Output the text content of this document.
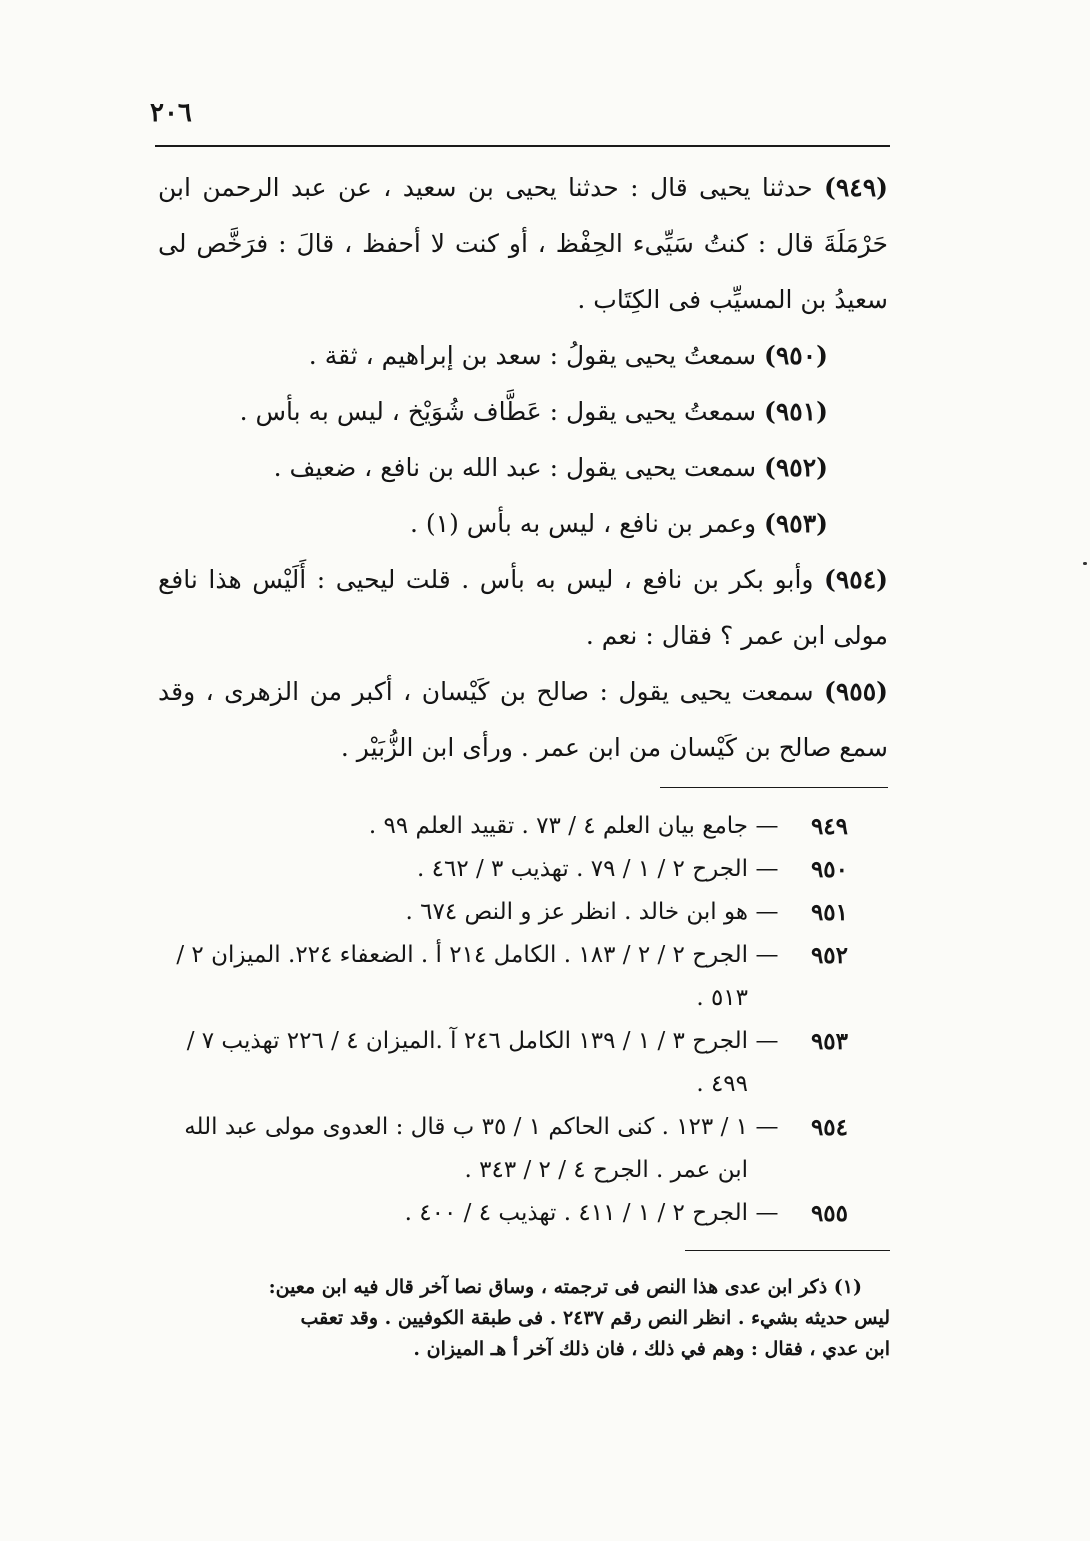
٢٠٦

(٩٤٩) حدثنا يحيى قال : حدثنا يحيى بن سعيد ، عن عبد الرحمن ابن حَرْمَلَةَ قال : كنتُ سَيِّىء الحِفْظ ، أو كنت لا أحفظ ، قالَ : فرَخَّص لى سعيدُ بن المسيِّب فى الكِتَاب .

(٩٥٠) سمعتُ يحيى يقولُ : سعد بن إبراهيم ، ثقة .

(٩٥١) سمعتُ يحيى يقول : عَطَّاف شُوَيْخ ، ليس به بأس .

(٩٥٢) سمعت يحيى يقول : عبد الله بن نافع ، ضعيف .

(٩٥٣) وعمر بن نافع ، ليس به بأس (١) .

(٩٥٤) وأبو بكر بن نافع ، ليس به بأس . قلت ليحيى : أَلَيْس هذا نافع مولى ابن عمر ؟ فقال : نعم .

(٩٥٥) سمعت يحيى يقول : صالح بن كَيْسان ، أكبر من الزهرى ، وقد سمع صالح بن كَيْسان من ابن عمر . ورأى ابن الزُّبَيْر .

٩٤٩
—
جامع بيان العلم ٤ / ٧٣ . تقييد العلم ٩٩ .
٩٥٠
—
الجرح ٢ / ١ / ٧٩ . تهذيب ٣ / ٤٦٢ .
٩٥١
—
هو ابن خالد . انظر عز و النص ٦٧٤ .
٩٥٢
—
الجرح ٢ / ٢ / ١٨٣ . الكامل ٢١٤ أ . الضعفاء ٢٢٤. الميزان ٢ / ٥١٣ .
٩٥٣
—
الجرح ٣ / ١ / ١٣٩ الكامل ٢٤٦ آ .الميزان ٤ / ٢٢٦ تهذيب ٧ / ٤٩٩ .
٩٥٤
—
١ / ١٢٣ . كنى الحاكم ١ / ٣٥ ب قال : العدوى مولى عبد الله ابن عمر . الجرح ٤ / ٢ / ٣٤٣ .
٩٥٥
—
الجرح ٢ / ١ / ٤١١ . تهذيب ٤ / ٤٠٠ .
(١) ذكر ابن عدى هذا النص فى ترجمته ، وساق نصا آخر قال فيه ابن معين:
ليس حديثه بشيء . انظر النص رقم ٢٤٣٧ . فى طبقة الكوفيين . وقد تعقب
ابن عدي ، فقال : وهم في ذلك ، فان ذلك آخر أ هـ الميزان .
